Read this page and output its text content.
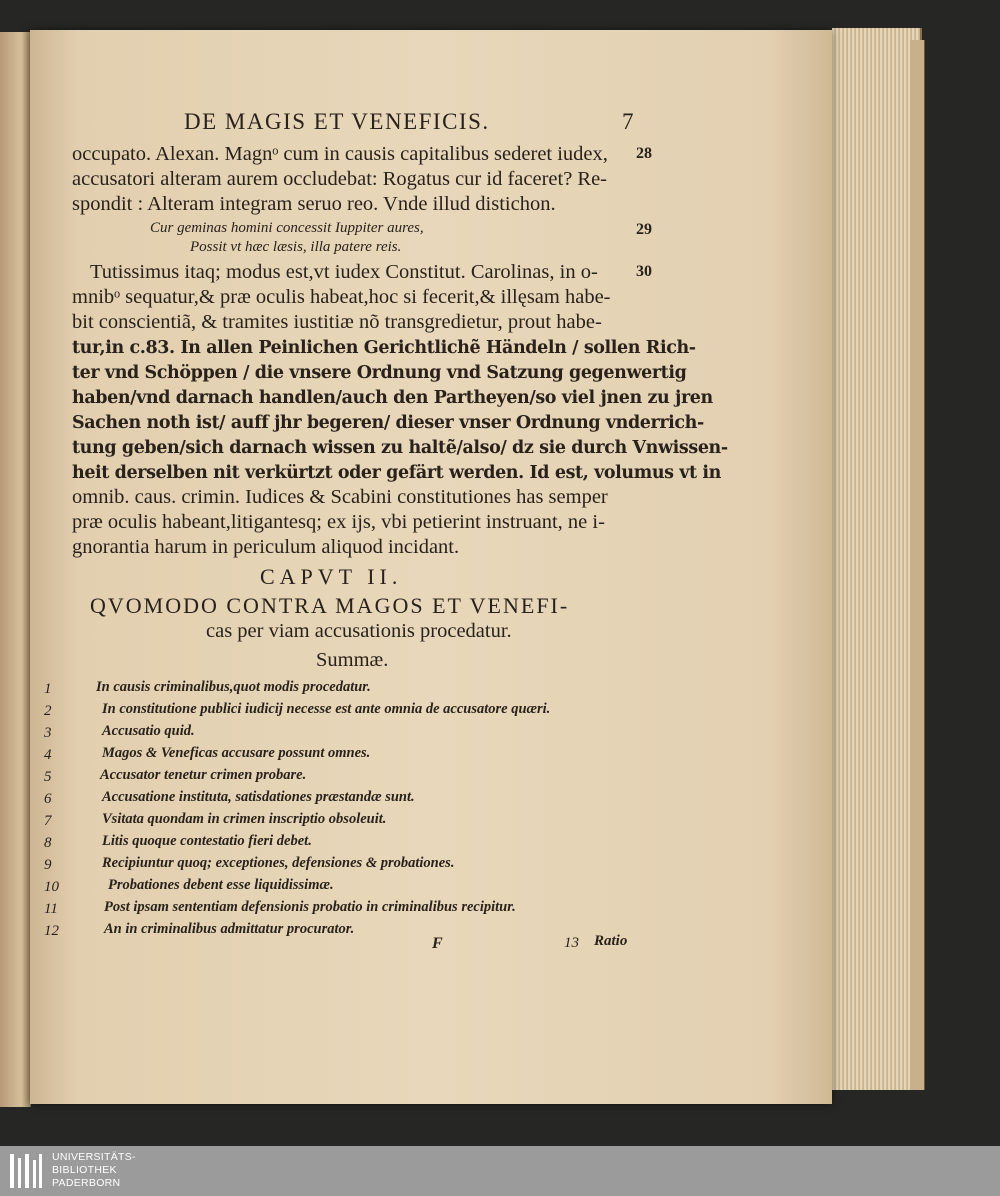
DE MAGIS ET VENEFICIS.	7
occupato. Alexan. Magnᵒ cum in causis capitalibus sederet iudex, 28
accusatori alteram aurem occludebat: Rogatus cur id faceret? Re-
spondit : Alteram integram seruo reo. Vnde illud distichon.
Cur geminas homini concessit Iuppiter aures,	29
Possit vt hæc læsis, illa patere reis.
Tutissimus itaq; modus est,vt iudex Constitut. Carolinas, in o- 30
mnibᵒ sequatur,& præ oculis habeat,hoc si fecerit,& illęsam habe-
bit conscientiã, & tramites iustitiæ nõ transgredietur, prout habe-
tur,in c.83. In allen Peinlichen Gerichtlichẽ Händeln / sollen Rich-
ter vnd Schöppen / die vnsere Ordnung vnd Satzung gegenwertig
haben/vnd darnach handlen/auch den Partheyen/so viel jnen zu jren
Sachen noth ist/ auff jhr begeren/ dieser vnser Ordnung vnderrich-
tung geben/sich darnach wissen zu haltẽ/also/ dz sie durch Vnwissen-
heit derselben nit verkürtzt oder gefärt werden. Id est, volumus vt in
omnib. caus. crimin. Iudices & Scabini constitutiones has semper
præ oculis habeant,litigantesq; ex ijs, vbi petierint instruant, ne i-
gnorantia harum in periculum aliquod incidant.
CAPVT II.
QVOMODO CONTRA MAGOS ET VENEFI-
cas per viam accusationis procedatur.
Summæ.
1	In causis criminalibus,quot modis procedatur.
2	In constitutione publici iudicij necesse est ante omnia de accusatore quæri.
3	Accusatio quid.
4	Magos & Veneficas accusare possunt omnes.
5	Accusator tenetur crimen probare.
6	Accusatione instituta, satisdationes præstandæ sunt.
7	Vsitata quondam in crimen inscriptio obsoleuit.
8	Litis quoque contestatio fieri debet.
9	Recipiuntur quoq; exceptiones, defensiones & probationes.
10	Probationes debent esse liquidissimæ.
11	Post ipsam sententiam defensionis probatio in criminalibus recipitur.
12	An in criminalibus admittatur procurator.
F	13 Ratio
UNIVERSITÄTS-
BIBLIOTHEK
PADERBORN
